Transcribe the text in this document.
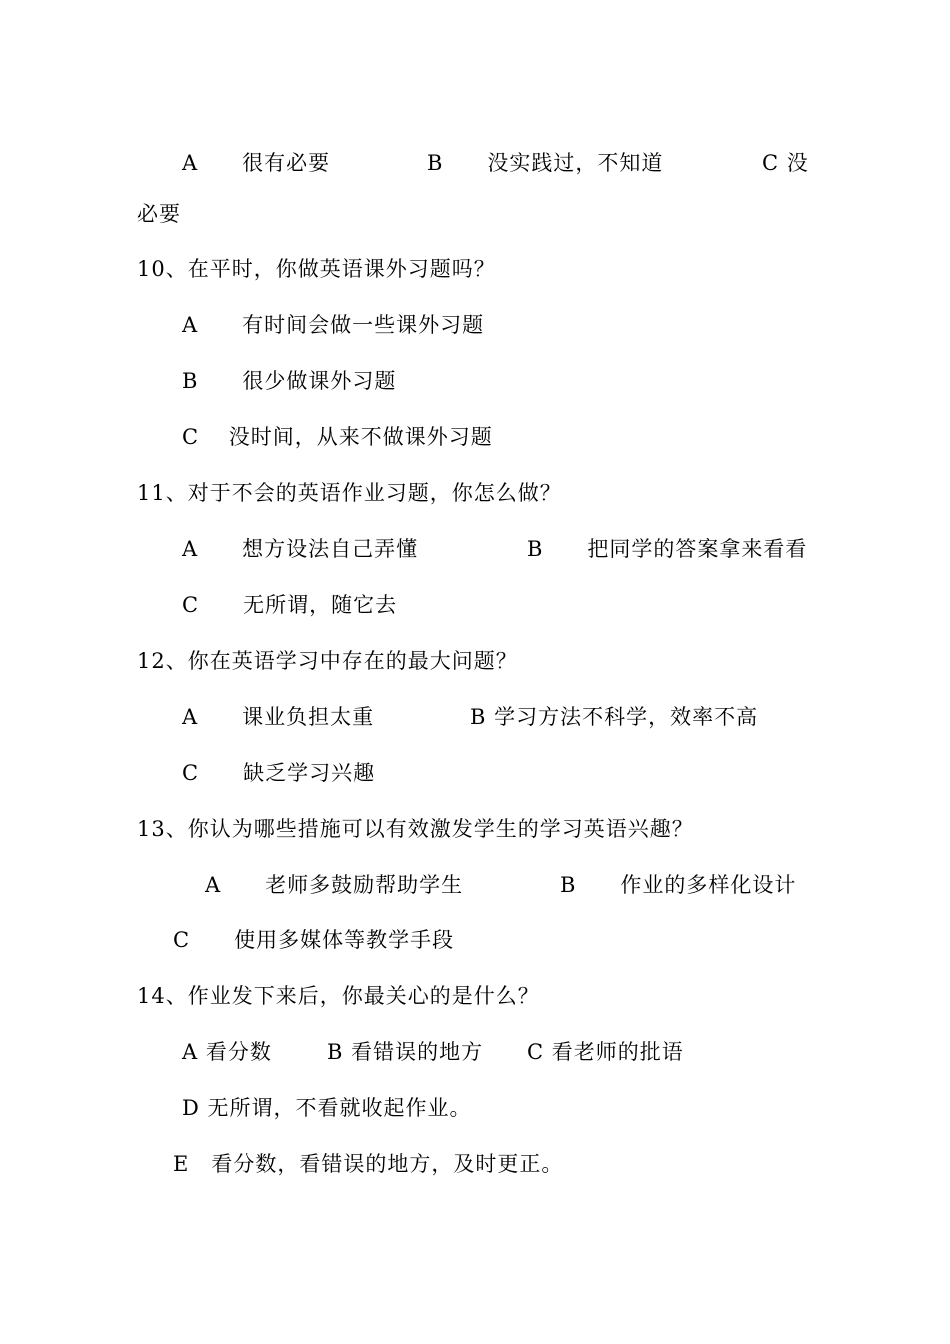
A　　很有必要	B　　没实践过，不知道	C 没
必要
10、在平时，你做英语课外习题吗？
A　　有时间会做一些课外习题
B　　很少做课外习题
C　 没时间，从来不做课外习题
11、对于不会的英语作业习题，你怎么做？
A　　想方设法自己弄懂	B　　把同学的答案拿来看看
C　　无所谓，随它去
12、你在英语学习中存在的最大问题？
A　　课业负担太重	B 学习方法不科学，效率不高
C　　缺乏学习兴趣
13、你认为哪些措施可以有效激发学生的学习英语兴趣？
A　　老师多鼓励帮助学生	B　　作业的多样化设计
C　　使用多媒体等教学手段
14、作业发下来后，你最关心的是什么？
A 看分数	B 看错误的地方 C 看老师的批语
D 无所谓，不看就收起作业。
E　看分数，看错误的地方，及时更正。
